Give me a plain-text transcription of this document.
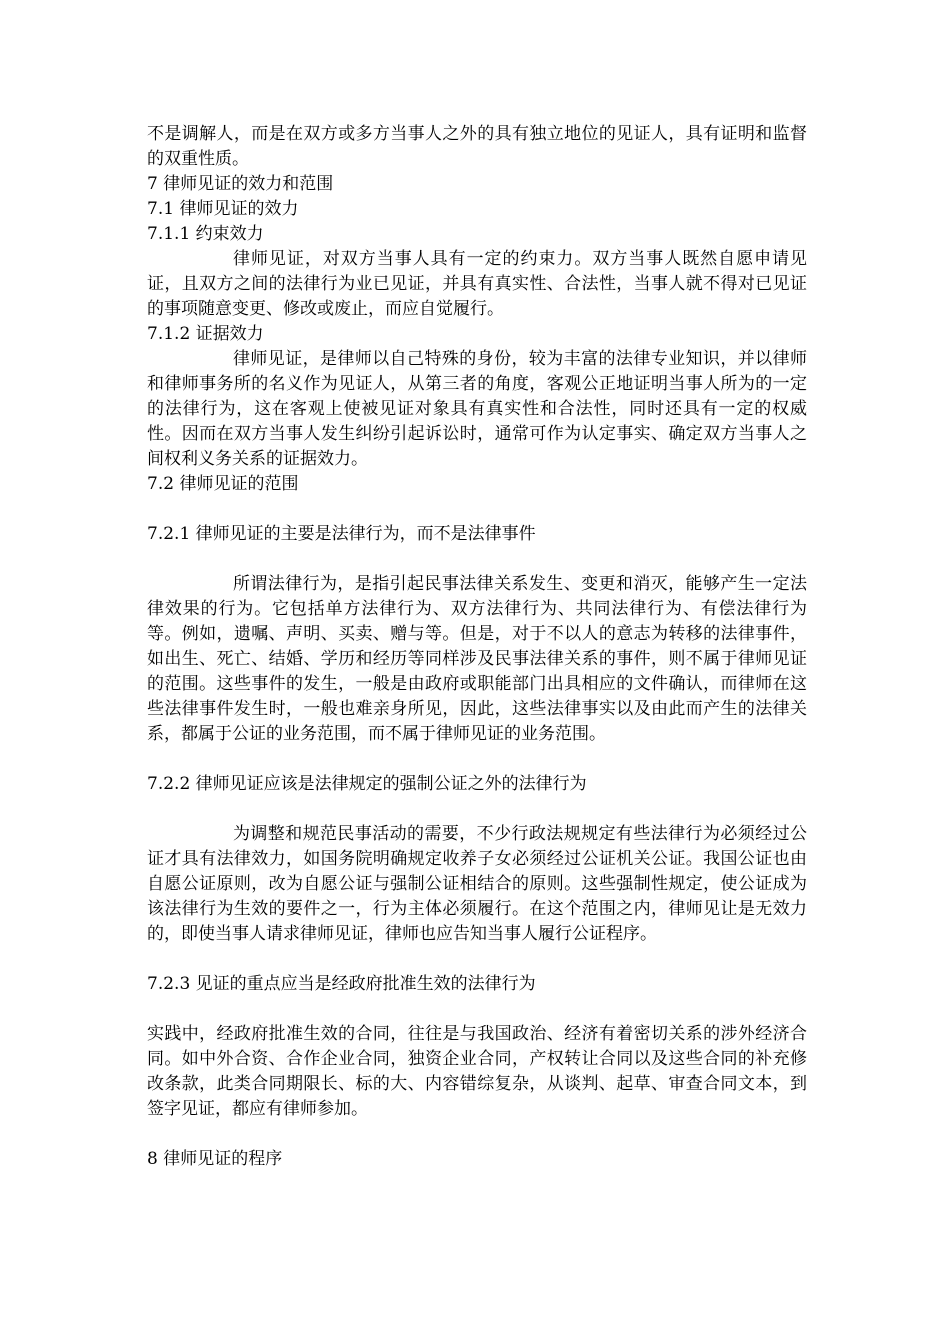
不是调解人，而是在双方或多方当事人之外的具有独立地位的见证人，具有证明和监督的双重性质。

7 律师见证的效力和范围

7.1 律师见证的效力

7.1.1 约束效力

律师见证，对双方当事人具有一定的约束力。双方当事人既然自愿申请见证，且双方之间的法律行为业已见证，并具有真实性、合法性，当事人就不得对已见证的事项随意变更、修改或废止，而应自觉履行。

7.1.2 证据效力

律师见证，是律师以自己特殊的身份，较为丰富的法律专业知识，并以律师和律师事务所的名义作为见证人，从第三者的角度，客观公正地证明当事人所为的一定的法律行为，这在客观上使被见证对象具有真实性和合法性，同时还具有一定的权威性。因而在双方当事人发生纠纷引起诉讼时，通常可作为认定事实、确定双方当事人之间权利义务关系的证据效力。

7.2 律师见证的范围

7.2.1 律师见证的主要是法律行为，而不是法律事件

所谓法律行为，是指引起民事法律关系发生、变更和消灭，能够产生一定法律效果的行为。它包括单方法律行为、双方法律行为、共同法律行为、有偿法律行为等。例如，遗嘱、声明、买卖、赠与等。但是，对于不以人的意志为转移的法律事件，如出生、死亡、结婚、学历和经历等同样涉及民事法律关系的事件，则不属于律师见证的范围。这些事件的发生，一般是由政府或职能部门出具相应的文件确认，而律师在这些法律事件发生时，一般也难亲身所见，因此，这些法律事实以及由此而产生的法律关系，都属于公证的业务范围，而不属于律师见证的业务范围。

7.2.2 律师见证应该是法律规定的强制公证之外的法律行为

为调整和规范民事活动的需要，不少行政法规规定有些法律行为必须经过公证才具有法律效力，如国务院明确规定收养子女必须经过公证机关公证。我国公证也由自愿公证原则，改为自愿公证与强制公证相结合的原则。这些强制性规定，使公证成为该法律行为生效的要件之一，行为主体必须履行。在这个范围之内，律师见让是无效力的，即使当事人请求律师见证，律师也应告知当事人履行公证程序。

7.2.3 见证的重点应当是经政府批准生效的法律行为

实践中，经政府批准生效的合同，往往是与我国政治、经济有着密切关系的涉外经济合同。如中外合资、合作企业合同，独资企业合同，产权转让合同以及这些合同的补充修改条款，此类合同期限长、标的大、内容错综复杂，从谈判、起草、审查合同文本，到签字见证，都应有律师参加。

8 律师见证的程序
